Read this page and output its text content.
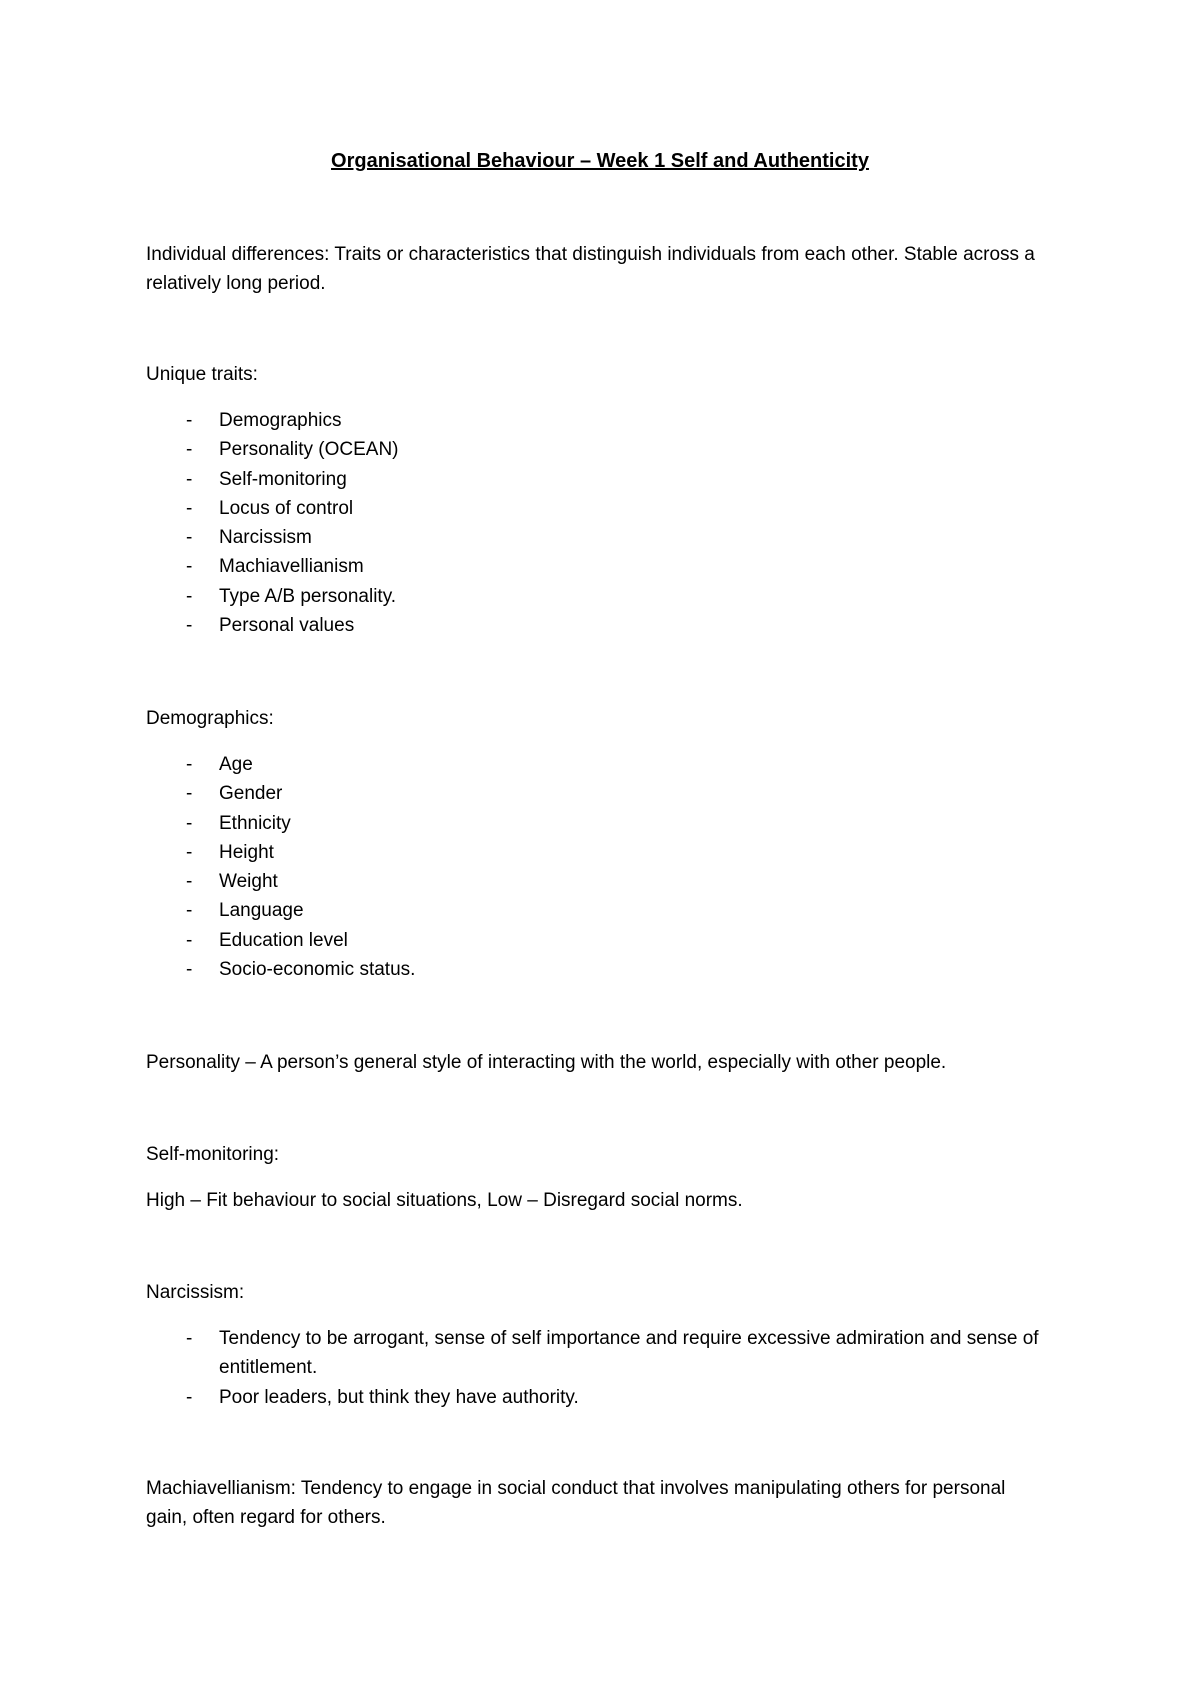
Organisational Behaviour – Week 1 Self and Authenticity

Individual differences: Traits or characteristics that distinguish individuals from each other. Stable across a relatively long period.

Unique traits:

- Demographics
- Personality (OCEAN)
- Self-monitoring
- Locus of control
- Narcissism
- Machiavellianism
- Type A/B personality.
- Personal values

Demographics:

- Age
- Gender
- Ethnicity
- Height
- Weight
- Language
- Education level
- Socio-economic status.

Personality – A person’s general style of interacting with the world, especially with other people.

Self-monitoring:

High – Fit behaviour to social situations, Low – Disregard social norms.

Narcissism:

- Tendency to be arrogant, sense of self importance and require excessive admiration and sense of entitlement.
- Poor leaders, but think they have authority.

Machiavellianism: Tendency to engage in social conduct that involves manipulating others for personal gain, often regard for others.
